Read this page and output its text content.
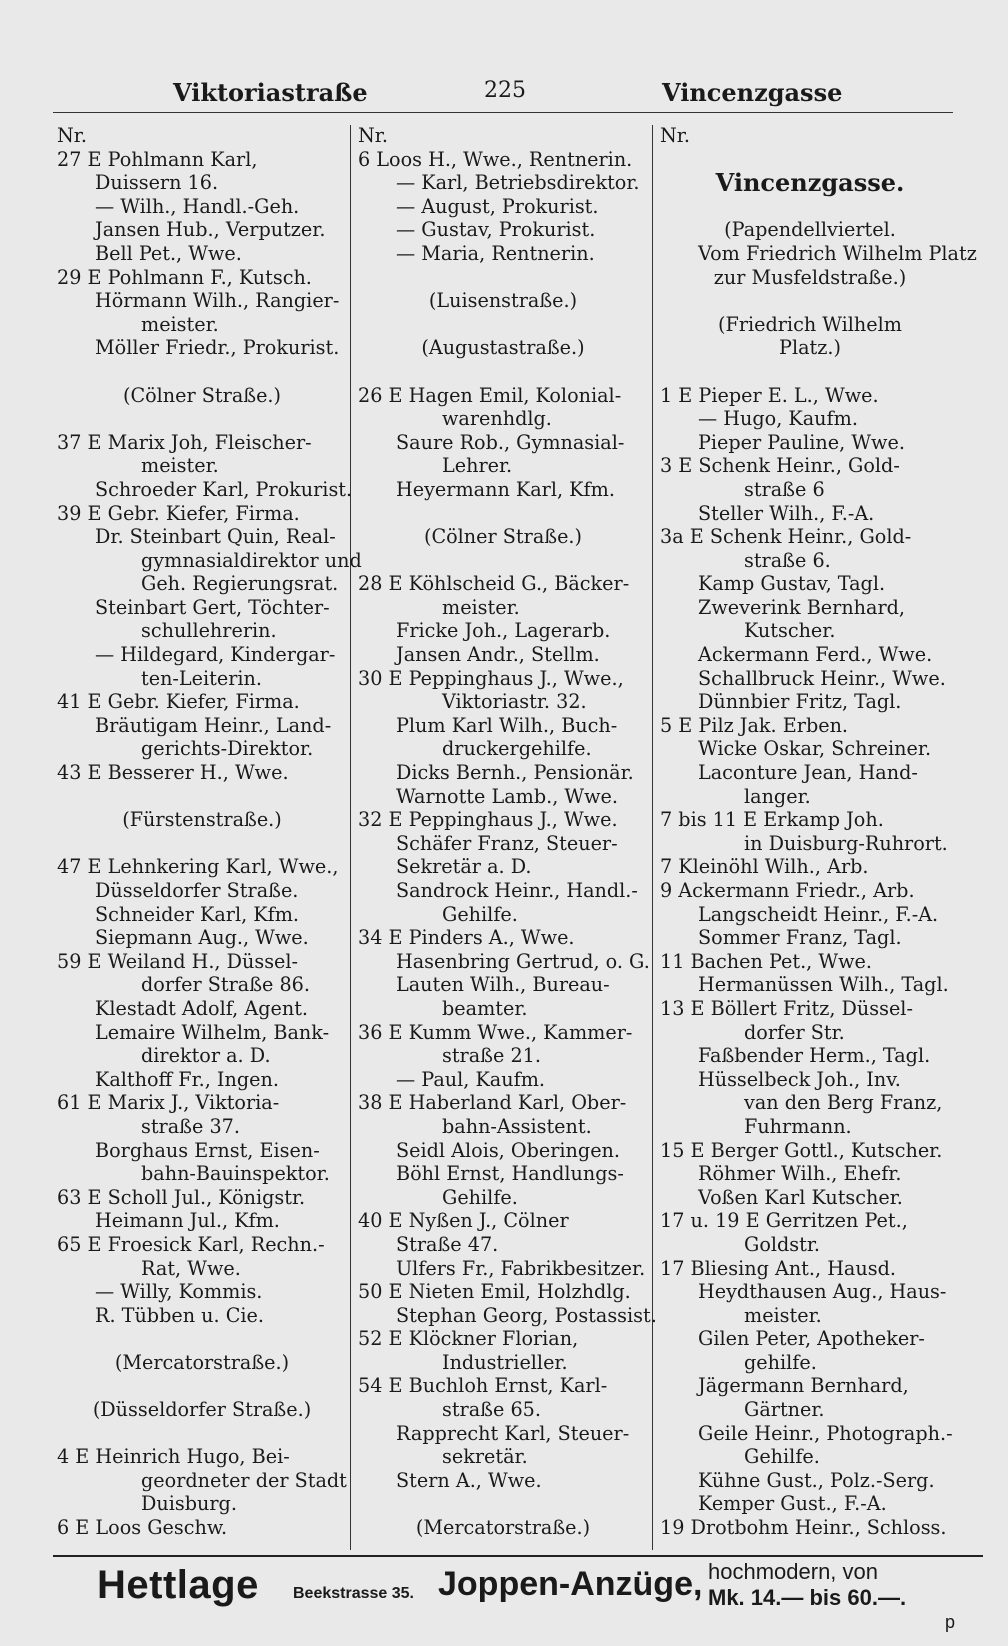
Viktoriastraße	225	Vincenzgasse
Nr.
27 E Pohlmann Karl,
Duissern 16.
— Wilh., Handl.-Geh.
Jansen Hub., Verputzer.
Bell Pet., Wwe.
29 E Pohlmann F., Kutsch.
Hörmann Wilh., Rangier-
meister.
Möller Friedr., Prokurist.
(Cölner Straße.)
37 E Marix Joh, Fleischer-
meister.
Schroeder Karl, Prokurist.
39 E Gebr. Kiefer, Firma.
Dr. Steinbart Quin, Real-
gymnasialdirektor und
Geh. Regierungsrat.
Steinbart Gert, Töchter-
schullehrerin.
— Hildegard, Kindergar-
ten-Leiterin.
41 E Gebr. Kiefer, Firma.
Bräutigam Heinr., Land-
gerichts-Direktor.
43 E Besserer H., Wwe.
(Fürstenstraße.)
47 E Lehnkering Karl, Wwe.,
Düsseldorfer Straße.
Schneider Karl, Kfm.
Siepmann Aug., Wwe.
59 E Weiland H., Düssel-
dorfer Straße 86.
Klestadt Adolf, Agent.
Lemaire Wilhelm, Bank-
direktor a. D.
Kalthoff Fr., Ingen.
61 E Marix J., Viktoria-
straße 37.
Borghaus Ernst, Eisen-
bahn-Bauinspektor.
63 E Scholl Jul., Königstr.
Heimann Jul., Kfm.
65 E Froesick Karl, Rechn.-
Rat, Wwe.
— Willy, Kommis.
R. Tübben u. Cie.
(Mercatorstraße.)
(Düsseldorfer Straße.)
4 E Heinrich Hugo, Bei-
geordneter der Stadt
Duisburg.
6 E Loos Geschw.
Nr.
6 Loos H., Wwe., Rentnerin.
— Karl, Betriebsdirektor.
— August, Prokurist.
— Gustav, Prokurist.
— Maria, Rentnerin.
(Luisenstraße.)
(Augustastraße.)
26 E Hagen Emil, Kolonial-
warenhdlg.
Saure Rob., Gymnasial-
Lehrer.
Heyermann Karl, Kfm.
(Cölner Straße.)
28 E Köhlscheid G., Bäcker-
meister.
Fricke Joh., Lagerarb.
Jansen Andr., Stellm.
30 E Peppinghaus J., Wwe.,
Viktoriastr. 32.
Plum Karl Wilh., Buch-
druckergehilfe.
Dicks Bernh., Pensionär.
Warnotte Lamb., Wwe.
32 E Peppinghaus J., Wwe.
Schäfer Franz, Steuer-
Sekretär a. D.
Sandrock Heinr., Handl.-
Gehilfe.
34 E Pinders A., Wwe.
Hasenbring Gertrud, o. G.
Lauten Wilh., Bureau-
beamter.
36 E Kumm Wwe., Kammer-
straße 21.
— Paul, Kaufm.
38 E Haberland Karl, Ober-
bahn-Assistent.
Seidl Alois, Oberingen.
Böhl Ernst, Handlungs-
Gehilfe.
40 E Nyßen J., Cölner
Straße 47.
Ulfers Fr., Fabrikbesitzer.
50 E Nieten Emil, Holzhdlg.
Stephan Georg, Postassist.
52 E Klöckner Florian,
Industrieller.
54 E Buchloh Ernst, Karl-
straße 65.
Rapprecht Karl, Steuer-
sekretär.
Stern A., Wwe.
(Mercatorstraße.)
Nr.
Vincenzgasse.
(Papendellviertel.
Vom Friedrich Wilhelm Platz
zur Musfeldstraße.)
(Friedrich Wilhelm
Platz.)
1 E Pieper E. L., Wwe.
— Hugo, Kaufm.
Pieper Pauline, Wwe.
3 E Schenk Heinr., Gold-
straße 6
Steller Wilh., F.-A.
3a E Schenk Heinr., Gold-
straße 6.
Kamp Gustav, Tagl.
Zweverink Bernhard,
Kutscher.
Ackermann Ferd., Wwe.
Schallbruck Heinr., Wwe.
Dünnbier Fritz, Tagl.
5 E Pilz Jak. Erben.
Wicke Oskar, Schreiner.
Laconture Jean, Hand-
langer.
7 bis 11 E Erkamp Joh.
in Duisburg-Ruhrort.
7 Kleinöhl Wilh., Arb.
9 Ackermann Friedr., Arb.
Langscheidt Heinr., F.-A.
Sommer Franz, Tagl.
11 Bachen Pet., Wwe.
Hermanüssen Wilh., Tagl.
13 E Böllert Fritz, Düssel-
dorfer Str.
Faßbender Herm., Tagl.
Hüsselbeck Joh., Inv.
van den Berg Franz,
Fuhrmann.
15 E Berger Gottl., Kutscher.
Röhmer Wilh., Ehefr.
Voßen Karl Kutscher.
17 u. 19 E Gerritzen Pet.,
Goldstr.
17 Bliesing Ant., Hausd.
Heydthausen Aug., Haus-
meister.
Gilen Peter, Apotheker-
gehilfe.
Jägermann Bernhard,
Gärtner.
Geile Heinr., Photograph.-
Gehilfe.
Kühne Gust., Polz.-Serg.
Kemper Gust., F.-A.
19 Drotbohm Heinr., Schloss.
Hettlage Beekstrasse 35. Joppen-Anzüge, hochmodern, von
Mk. 14.— bis 60.—.
p
